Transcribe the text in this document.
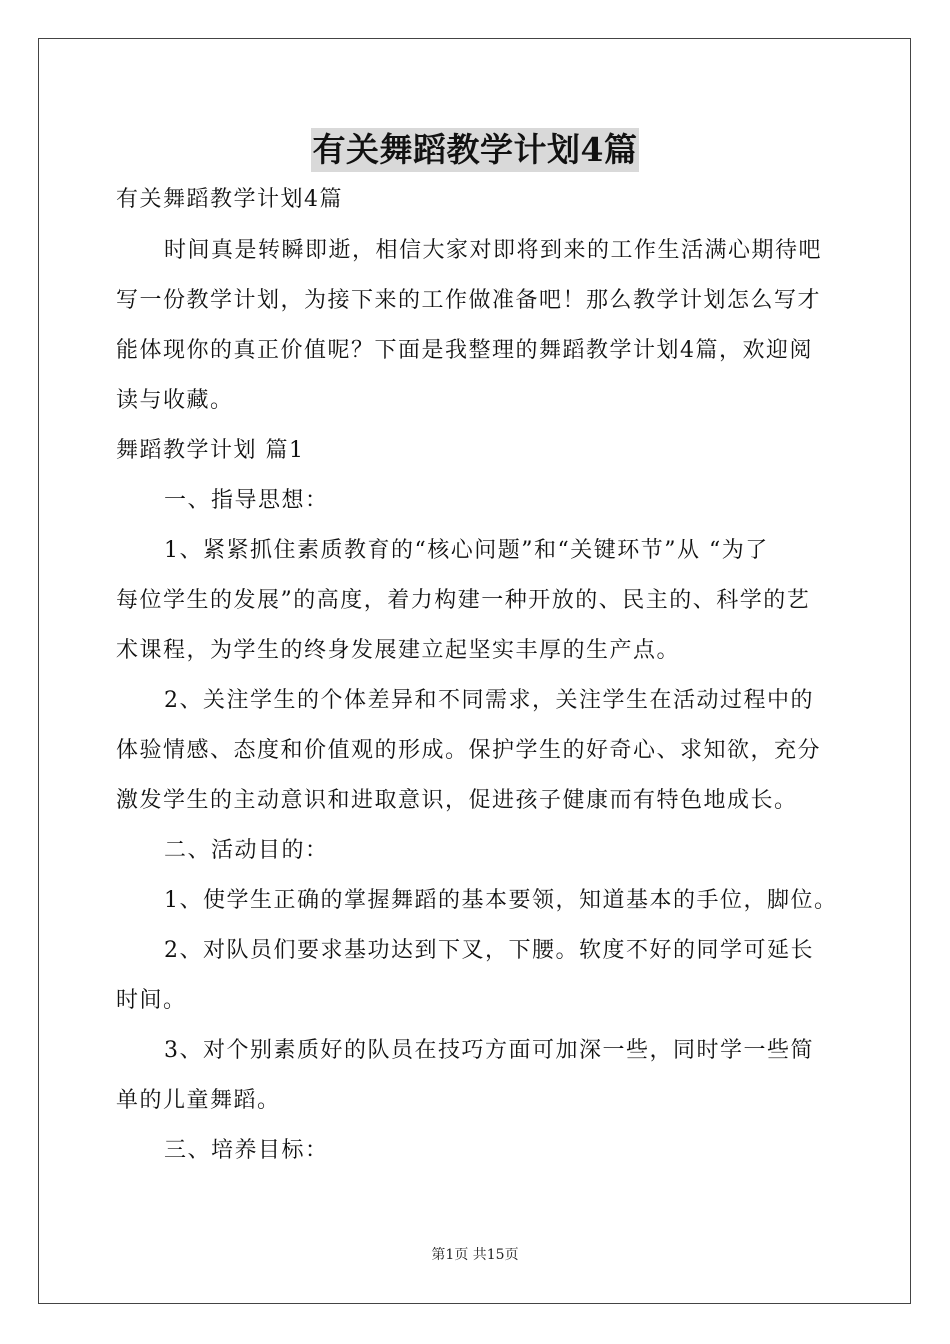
有关舞蹈教学计划4篇
有关舞蹈教学计划4篇
时间真是转瞬即逝，相信大家对即将到来的工作生活满心期待吧
写一份教学计划，为接下来的工作做准备吧！那么教学计划怎么写才
能体现你的真正价值呢？下面是我整理的舞蹈教学计划4篇，欢迎阅
读与收藏。
舞蹈教学计划 篇1
一、指导思想：
1、紧紧抓住素质教育的“核心问题”和“关键环节”从 “为了
每位学生的发展”的高度，着力构建一种开放的、民主的、科学的艺
术课程，为学生的终身发展建立起坚实丰厚的生产点。
2、关注学生的个体差异和不同需求，关注学生在活动过程中的
体验情感、态度和价值观的形成。保护学生的好奇心、求知欲，充分
激发学生的主动意识和进取意识，促进孩子健康而有特色地成长。
二、活动目的：
1、使学生正确的掌握舞蹈的基本要领，知道基本的手位，脚位。
2、对队员们要求基功达到下叉，下腰。软度不好的同学可延长
时间。
3、对个别素质好的队员在技巧方面可加深一些，同时学一些简
单的儿童舞蹈。
三、培养目标：
第1页 共15页
